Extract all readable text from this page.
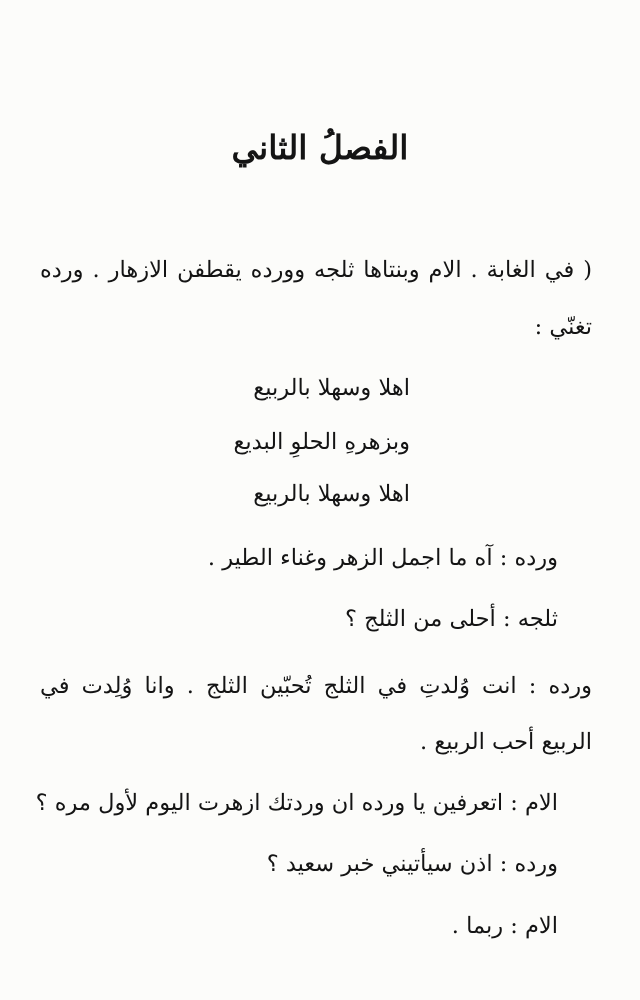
الفصلُ الثاني
( في الغابة . الام وبنتاها ثلجه وورده يقطفن الازهار . ورده
تغنّي :
اهلا وسهلا بالربيع
وبزهرهِ الحلوِ البديع
اهلا وسهلا بالربيع
ورده : آه ما اجمل الزهر وغناء الطير .
ثلجه : أحلى من الثلج ؟
ورده : انت وُلدتِ في الثلج تُحبّين الثلج . وانا وُلِدت في
الربيع أحب الربيع .
الام : اتعرفين يا ورده ان وردتك ازهرت اليوم لأول مره ؟
ورده : اذن سيأتيني خبر سعيد ؟
الام : ربما .
